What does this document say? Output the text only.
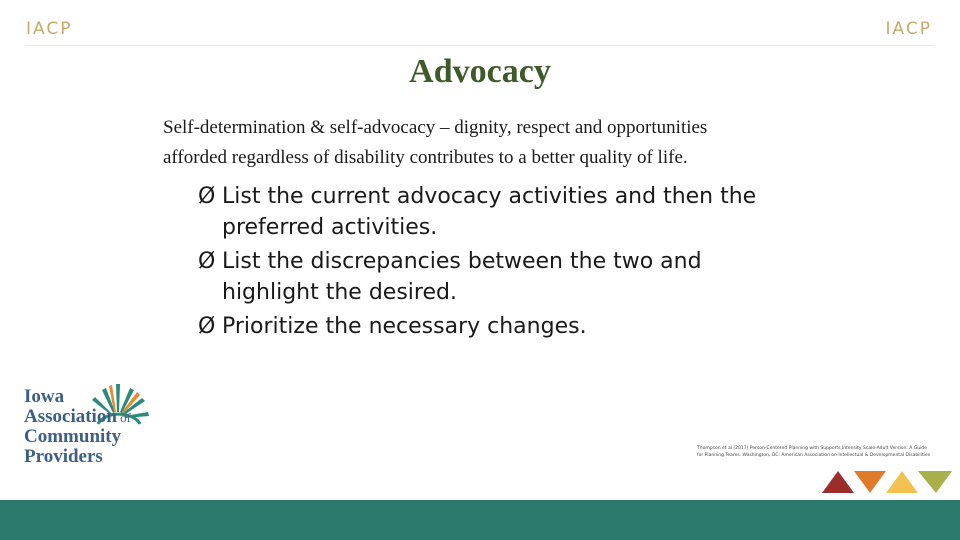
IACP	IACP
Advocacy
Self-determination & self-advocacy – dignity, respect and opportunities
afforded regardless of disability contributes to a better quality of life.
Ø List the current advocacy activities and then the preferred activities.
Ø List the discrepancies between the two and highlight the desired.
Ø Prioritize the necessary changes.
Iowa
Association of
Community
Providers	Thompson et al (2017) Person-Centered Planning with Supports Intensity Scale-Adult Version: A Guide
for Planning Teams. Washington, DC: American Association on Intellectual & Developmental Disabilities
